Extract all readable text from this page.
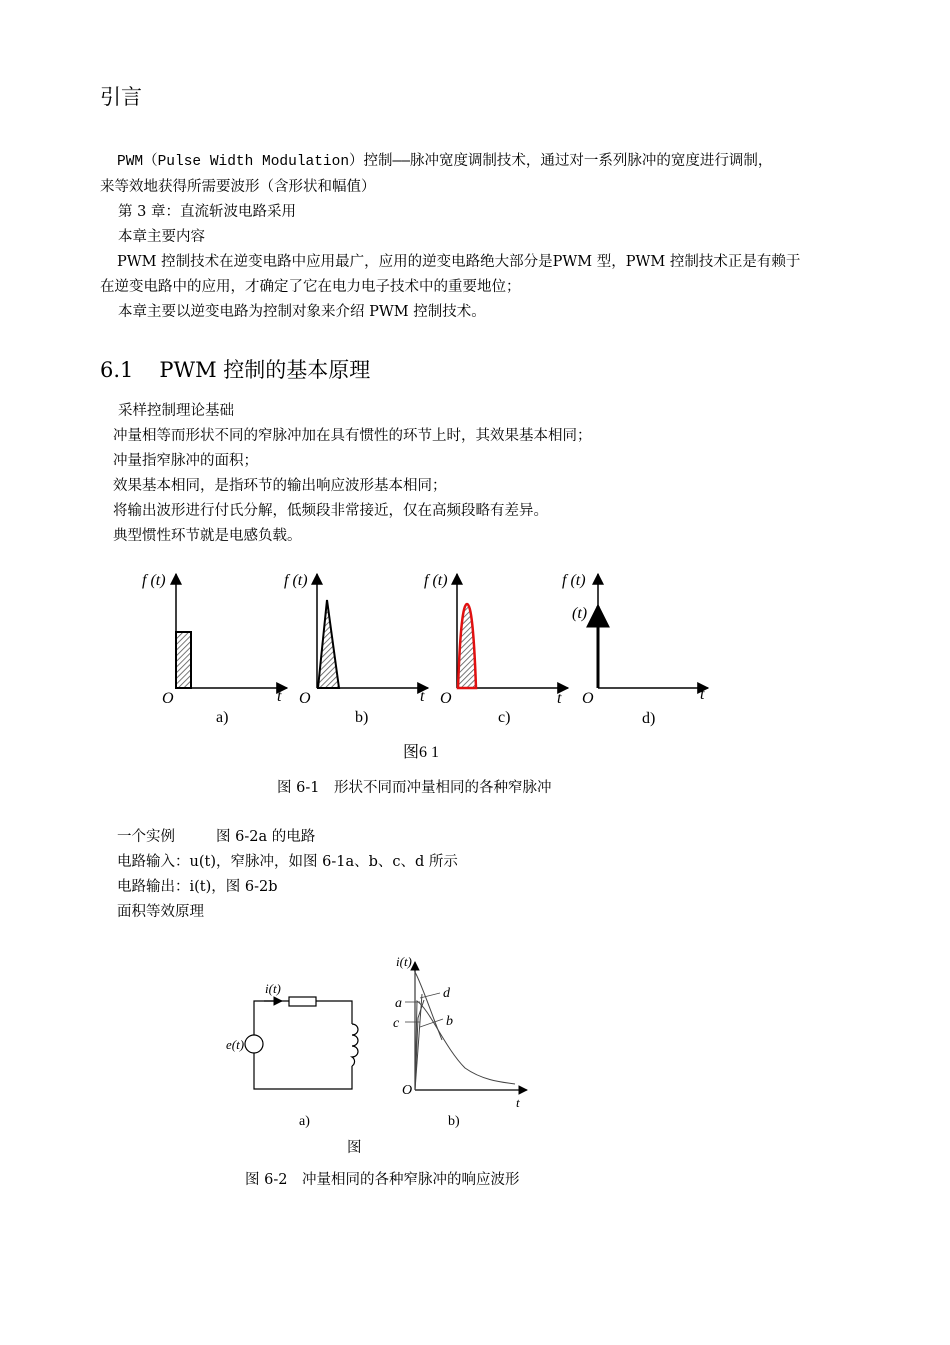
引言
PWM（Pulse Width Modulation）控制——脉冲宽度调制技术，通过对一系列脉冲的宽度进行调制，
来等效地获得所需要波形（含形状和幅值）
第 3 章：直流斩波电路采用
本章主要内容
PWM 控制技术在逆变电路中应用最广，应用的逆变电路绝大部分是PWM 型，PWM 控制技术正是有赖于
在逆变电路中的应用，才确定了它在电力电子技术中的重要地位；
本章主要以逆变电路为控制对象来介绍 PWM 控制技术。
6.1 PWM 控制的基本原理
采样控制理论基础
冲量相等而形状不同的窄脉冲加在具有惯性的环节上时，其效果基本相同；
冲量指窄脉冲的面积；
效果基本相同，是指环节的输出响应波形基本相同；
将输出波形进行付氏分解，低频段非常接近，仅在高频段略有差异。
典型惯性环节就是电感负载。
f (t)
O	t
a)
f (t)
O	t
b)
f (t)
O	t
c)
f (t)
(t)
O	t
d)
图6 1
图 6-1　形状不同而冲量相同的各种窄脉冲
一个实例	图 6-2a 的电路
电路输入：u(t)，窄脉冲，如图 6-1a、b、c、d 所示
电路输出：i(t)，图 6-2b
面积等效原理
i(t)
e(t)
a)
i(t)
a
b
c
d
O
t
b)
图
图 6-2　冲量相同的各种窄脉冲的响应波形
